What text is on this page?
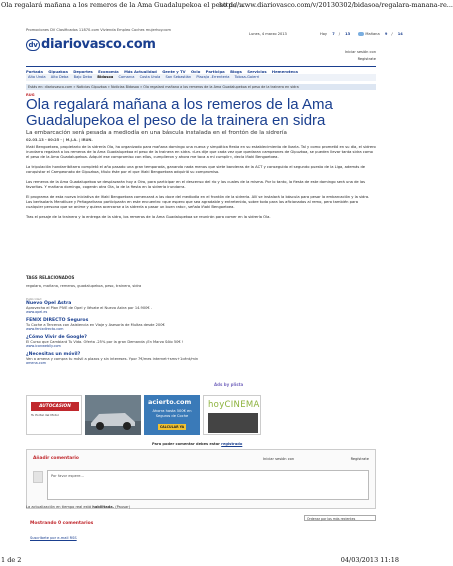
Ola regalará mañana a los remeros de la Ama Guadalupekoa el peso de ...
http://www.diariovasco.com/v/20130302/bidasoa/regalara-manana-re...
Promociones DV Clasificados 11870.com Vivienda Empleo Coches mujerhoy.com
dv diariovasco.com
Lunes, 4 marzo 2013	Hoy 7 / 13	Mañana 9 / 14
Iniciar sesión con
Registrate
Portada Gipuzkoa Deportes Economía Más Actualidad Gente y TV Ocio Participa Blogs Servicios Hemeroteca
Alto Urola Alto Deba Bajo Deba Bidasoa Comarca Costa Urola San Sebastián Plaza/a -Errenteria Tolosa-Goierri
Estás en: diariovasco.com » Noticias Gipuzkoa » Noticias Bidasoa » Ola regalará mañana a los remeros de la Ama Guadalupekoa el peso de la trainera en sidra
RUG
Ola regalará mañana a los remeros de la Ama Guadalupekoa el peso de la trainera en sidra
La embarcación será pesada a mediodía en una báscula instalada en el frontón de la sidrería
02.03.13 - 00:25 - | M.J.A. | IRUN.

Iñaki Bengoetxea, propietario de la sidrería Ola, ha organizado para mañana domingo una nueva y simpática fiesta en su establecimiento de Ibarla. Tal y como prometió en su día, el sidrero irundarra regalará a los remeros de la Ama Guadalupekoa el peso de la trainera en sidra. «Les dije que cada vez que quedaran campeones de Gipuzkoa, se pueden llevar tanta sidra como el peso de la Ama Guadalupekoa. Adquirí ese compromiso con ellos, cumplieron y ahora me toca a mi cumplir», decía Iñaki Bengoetxea.

La tripulación hondarribitarra completó el año pasado una gran temporada, ganando nada menos que siete banderas de la ACT y conseguido el segundo puesto de la Liga, además de conquistar el Campeonato de Gipuzkoa, título éste por el que Iñaki Bengoetxea adquirió su compromiso.

Los remeros de la Ama Guadalupekoa se desplazarán hoy a Oiro, para participar en el descenso del río y los cuales de la misma. Por lo tanto, la fiesta de este domingo será una de las favoritas. Y mañana domingo, cogerán otra Ola, la de la fiesta en la sidrería irundarra.

El programa de esta nueva iniciativa de Iñaki Bengoetxea comenzará a las doce del mediodía en el frontón de la sidrería. Allí se instalará la báscula para pesar la embarcación y la sidra. Los bertsolaris Mendiluze y Peñagarikano participarán en este encuentro «que espero que sea agradable y entretenido, sobre todo para los aficionados al remo, pero también para cualquier persona que se anime y quiera acercarse a la sidrería a pasar un buen rato», señala Iñaki Bengoetxea.

Tras el pesaje de la trainera y la entrega de la sidra, los remeros de la Ama Guadalupekoa se reunirán para comer en la sidrería Ola.

TAGS RELACIONADOS
regalara, mañana, remeros, guadalupekoa, peso, trainera, sidra
Publicidad
Nuevo Opel Astra
Aprovecha el Plan PIVE de Opel y llévate el Nuevo Astra por 14.900€ .
www.opel.es
FENIX DIRECTO Seguros
Tu Coche a Terceros con Asistencia en Viaje y Asesoría de Multas desde 200€
www.fenixdirecto.com
¿Cómo Vivir de Google?
El Curso que Cambiará Tu Vida. Oferta -25% por la gran Demanda ¡En Marzo Sólo 50€ !
www.iconweblly.com
¿Necesitas un móvil?
Ven a amena y compra tu móvil a plazos y sin intereses. Ypor 7€/mes internet+sms+1cént/min
amena.com
Ads by plista
AUTOCASION
Tu Portal del Motor
acierto.com
Ahorra hasta 500€ en Seguros de Coche
CALCULAR YA
hoyCINEMA
Para poder comentar debes estar registrado
Añadir comentario	Iniciar sesión con	Regístrate
Por favor espere...
La actualización en tiempo real está habilitada. (Pausar)
Ordenar por los más recientes
Mostrando 0 comentarios
Suscríbete por e-mail RSS
1 de 2	04/03/2013 11:18
